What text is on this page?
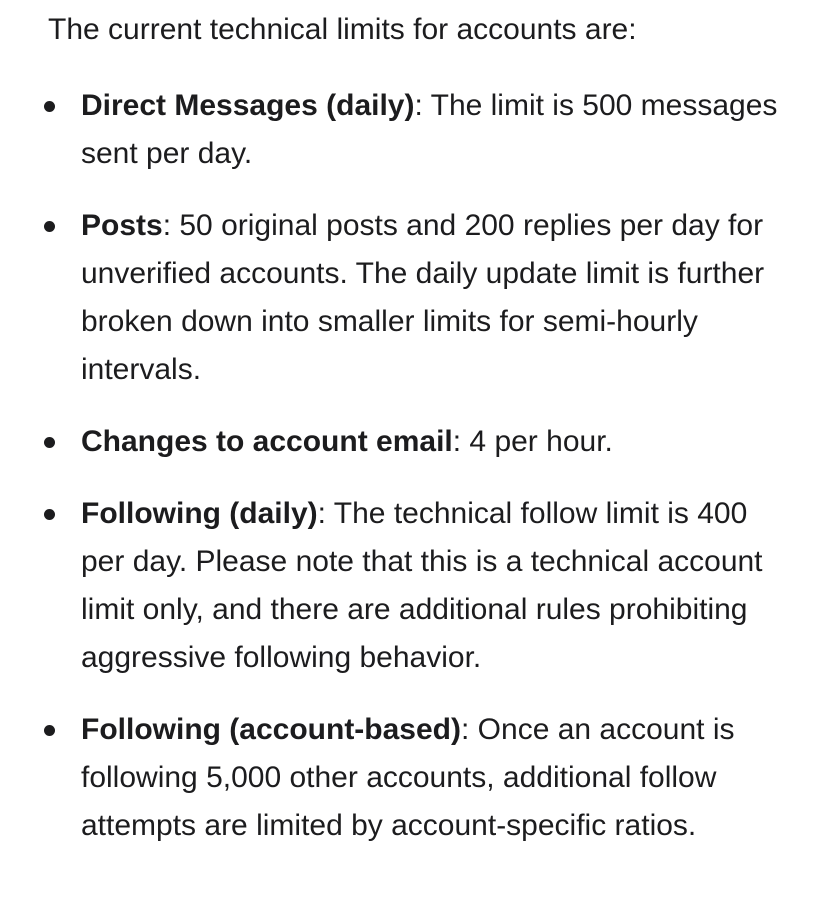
The current technical limits for accounts are:

Direct Messages (daily): The limit is 500 messages sent per day.
Posts: 50 original posts and 200 replies per day for unverified accounts. The daily update limit is further broken down into smaller limits for semi-hourly intervals.
Changes to account email: 4 per hour.
Following (daily): The technical follow limit is 400 per day. Please note that this is a technical account limit only, and there are additional rules prohibiting aggressive following behavior.
Following (account-based): Once an account is following 5,000 other accounts, additional follow attempts are limited by account-specific ratios.
